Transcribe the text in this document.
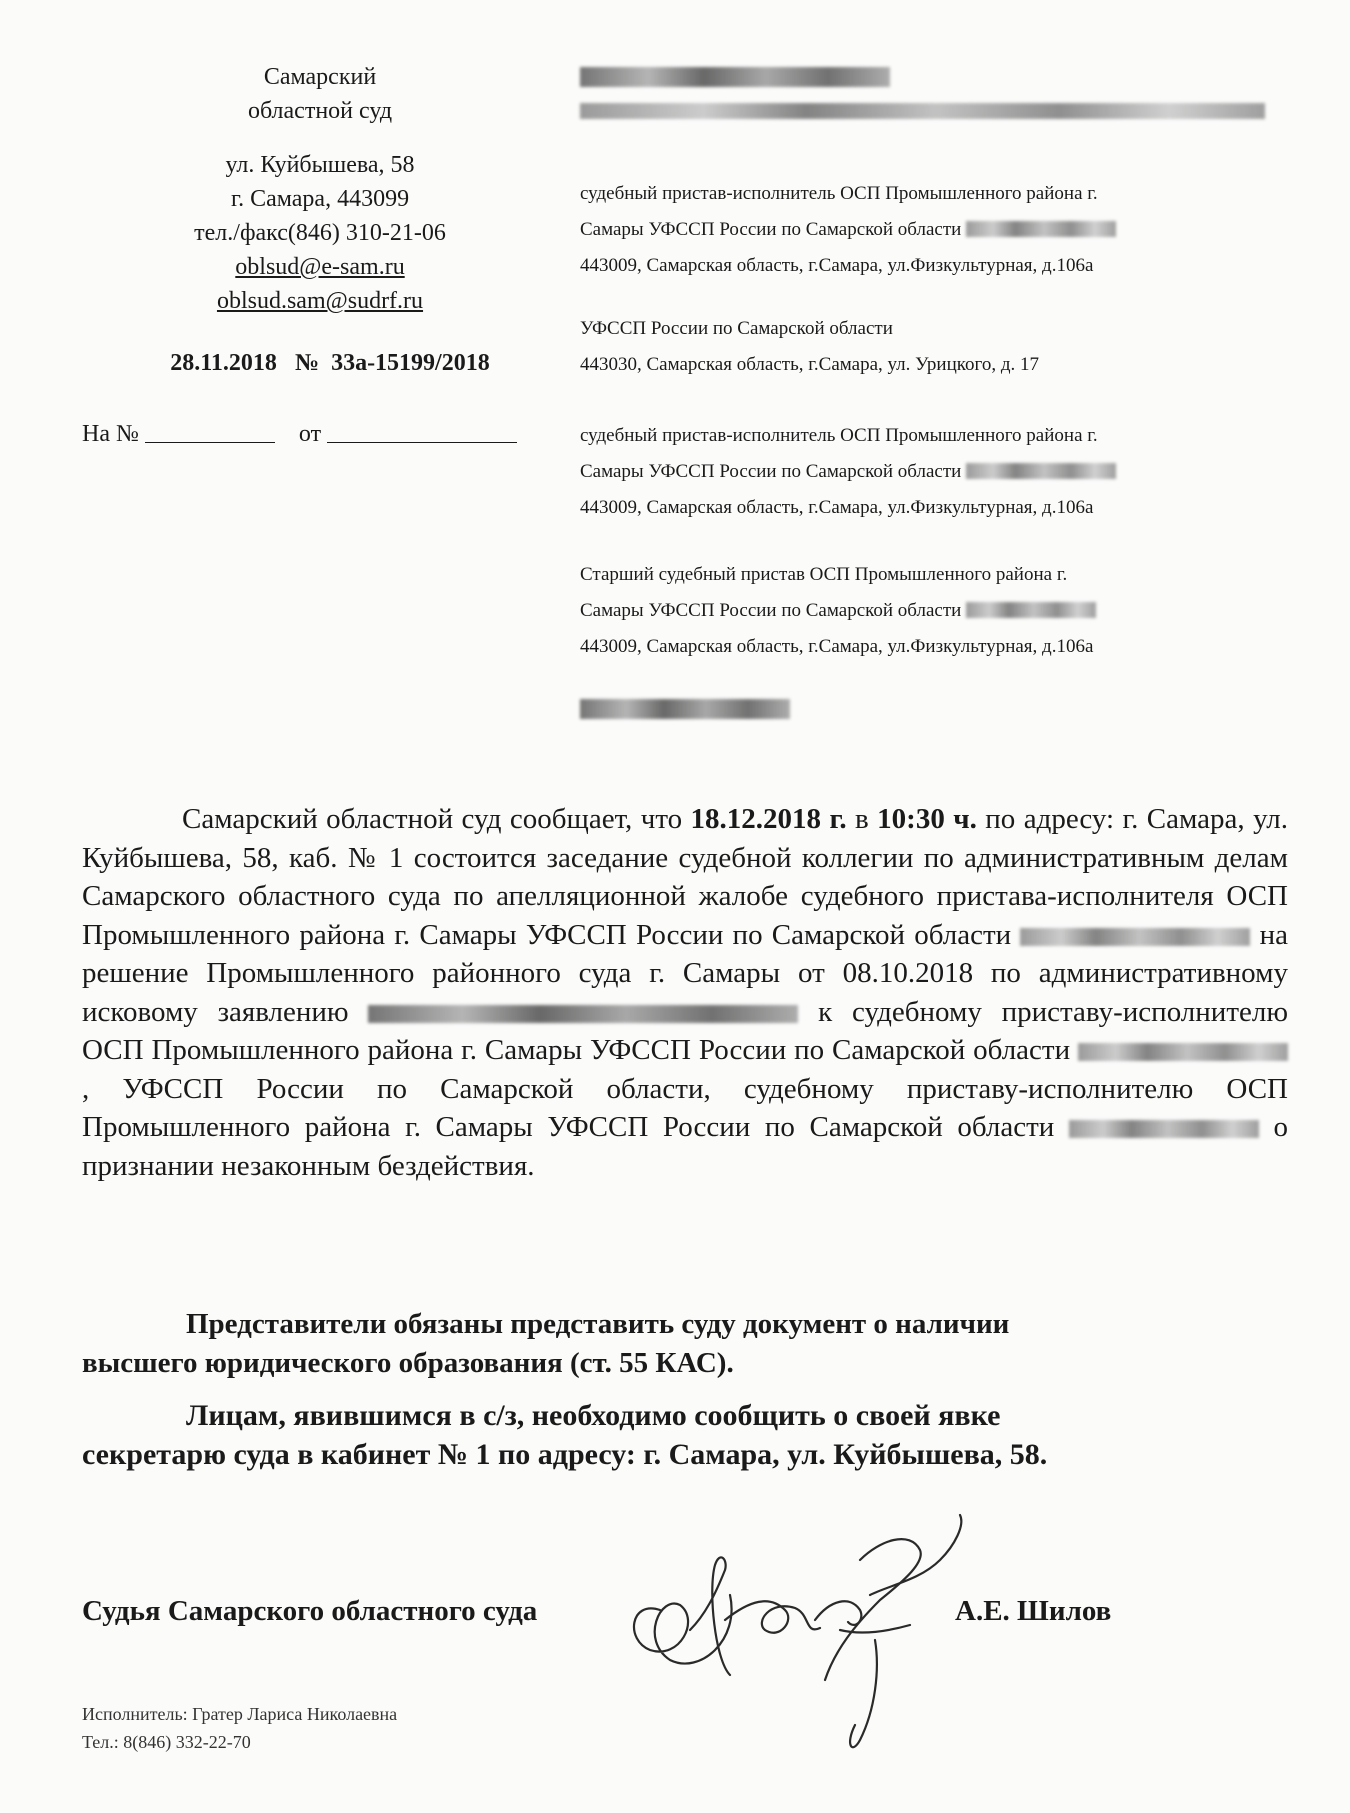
Самарский
областной суд
ул. Куйбышева, 58
г. Самара, 443099
тел./факс(846) 310-21-06
oblsud@e-sam.ru
oblsud.sam@sudrf.ru
28.11.2018 № 33а-15199/2018
На №	от
судебный пристав-исполнитель ОСП Промышленного района г.
Самары УФССП России по Самарской области
443009, Самарская область, г.Самара, ул.Физкультурная, д.106а
УФССП России по Самарской области
443030, Самарская область, г.Самара, ул. Урицкого, д. 17
судебный пристав-исполнитель ОСП Промышленного района г.
Самары УФССП России по Самарской области
443009, Самарская область, г.Самара, ул.Физкультурная, д.106а
Старший судебный пристав ОСП Промышленного района г.
Самары УФССП России по Самарской области
443009, Самарская область, г.Самара, ул.Физкультурная, д.106а
Самарский областной суд сообщает, что 18.12.2018 г. в 10:30 ч. по адресу: г. Самара, ул. Куйбышева, 58, каб. № 1 состоится заседание судебной коллегии по административным делам Самарского областного суда по апелляционной жалобе судебного пристава-исполнителя ОСП Промышленного района г. Самары УФССП России по Самарской области	на решение Промышленного районного суда г. Самары от 08.10.2018 по административному исковому заявлению	к судебному приставу-исполнителю ОСП Промышленного района г. Самары УФССП России по Самарской области  , УФССП России по Самарской области, судебному приставу-исполнителю ОСП Промышленного района г. Самары УФССП России по Самарской области	о признании незаконным бездействия.
Представители обязаны представить суду документ о наличии
высшего юридического образования (ст. 55 КАС).
Лицам, явившимся в с/з, необходимо сообщить о своей явке
секретарю суда в кабинет № 1 по адресу: г. Самара, ул. Куйбышева, 58.
Судья Самарского областного суда	А.Е. Шилов
Исполнитель: Гратер Лариса Николаевна
Тел.: 8(846) 332-22-70
